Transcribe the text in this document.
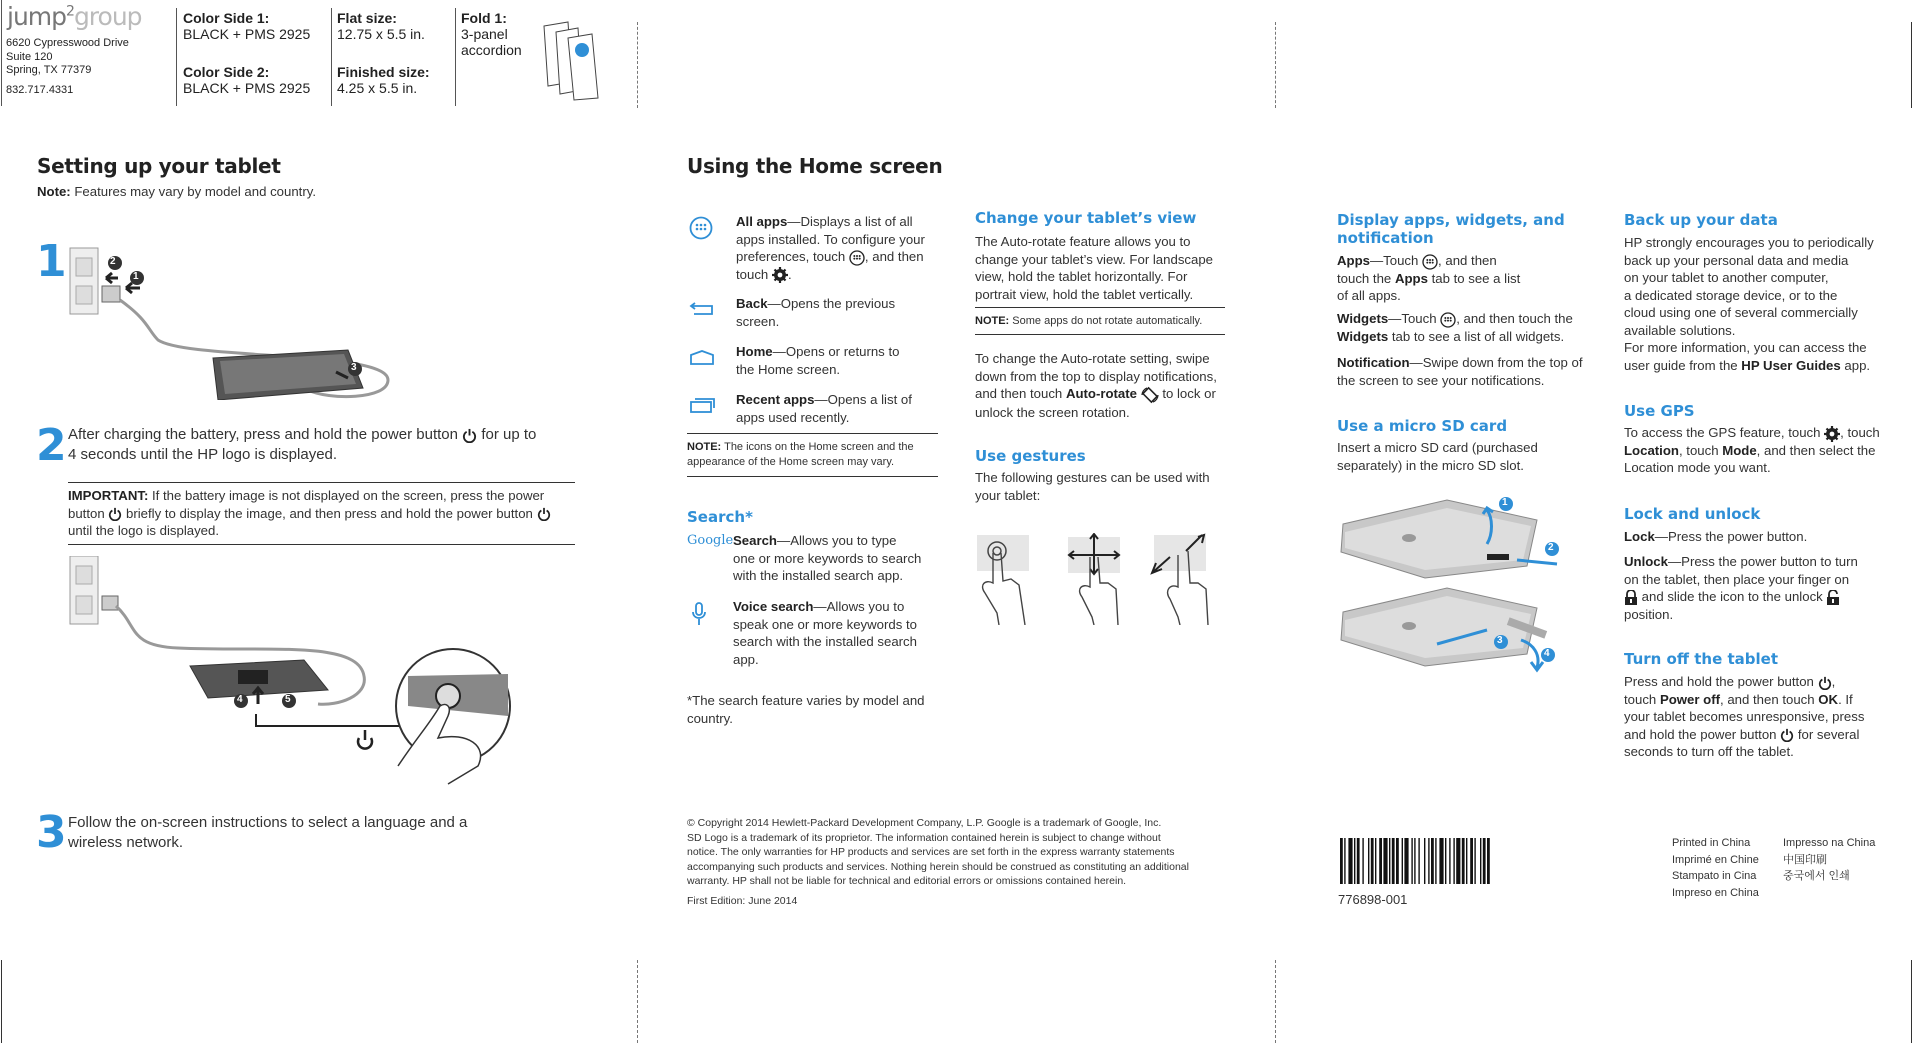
jump$^2$group
6620 Cypresswood Drive
Suite 120
Spring, TX 77379
832.717.4331
Color Side 1:
BLACK + PMS 2925
Color Side 2:
BLACK + PMS 2925
Flat size:
12.75 x 5.5 in.
Finished size:
4.25 x 5.5 in.
Fold 1:
3-panel
accordion
Setting up your tablet
Note: Features may vary by model and country.
1	2
1
3
2 After charging the battery, press and hold the power button for up to
4 seconds until the HP logo is displayed.
IMPORTANT: If the battery image is not displayed on the screen, press the power
button briefly to display the image, and then press and hold the power button

until the logo is displayed.
4	5
3 Follow the on-screen instructions to select a language and a
wireless network.
Using the Home screen
All apps—Displays a list of all
apps installed. To configure your
preferences, touch , and then
touch .
Back—Opens the previous
screen.
Home—Opens or returns to
the Home screen.
Recent apps—Opens a list of
apps used recently.
NOTE: The icons on the Home screen and the
appearance of the Home screen may vary.
Search*
Google Search—Allows you to type
one or more keywords to search
with the installed search app.
Voice search—Allows you to
speak one or more keywords to
search with the installed search
app.
*The search feature varies by model and
country.
Change your tablet’s view
The Auto-rotate feature allows you to
change your tablet’s view. For landscape
view, hold the tablet horizontally. For
portrait view, hold the tablet vertically.
NOTE: Some apps do not rotate automatically.
To change the Auto-rotate setting, swipe
down from the top to display notifications,
and then touch Auto-rotate to lock or
unlock the screen rotation.
Use gestures
The following gestures can be used with
your tablet:
© Copyright 2014 Hewlett-Packard Development Company, L.P. Google is a trademark of Google, Inc.
SD Logo is a trademark of its proprietor. The information contained herein is subject to change without
notice. The only warranties for HP products and services are set forth in the express warranty statements
accompanying such products and services. Nothing herein should be construed as constituting an additional
warranty. HP shall not be liable for technical and editorial errors or omissions contained herein.
First Edition: June 2014
Display apps, widgets, and
notification
Apps—Touch , and then
touch the Apps tab to see a list
of all apps.
Widgets—Touch , and then touch the
Widgets tab to see a list of all widgets.
Notification—Swipe down from the top of
the screen to see your notifications.
Use a micro SD card
Insert a micro SD card (purchased
separately) in the micro SD slot.
1
2
3
4
776898-001
Back up your data
HP strongly encourages you to periodically
back up your personal data and media
on your tablet to another computer,
a dedicated storage device, or to the
cloud using one of several commercially
available solutions.
For more information, you can access the
user guide from the HP User Guides app.
Use GPS
To access the GPS feature, touch , touch
Location, touch Mode, and then select the
Location mode you want.
Lock and unlock
Lock—Press the power button.
Unlock—Press the power button to turn
on the tablet, then place your finger on

and slide the icon to the unlock

position.
Turn off the tablet
Press and hold the power button ,
touch Power off, and then touch OK. If
your tablet becomes unresponsive, press
and hold the power button for several
seconds to turn off the tablet.
Printed in China
Imprimé en Chine
Stampato in Cina
Impreso en China
Impresso na China
中国印刷
중국에서 인쇄
